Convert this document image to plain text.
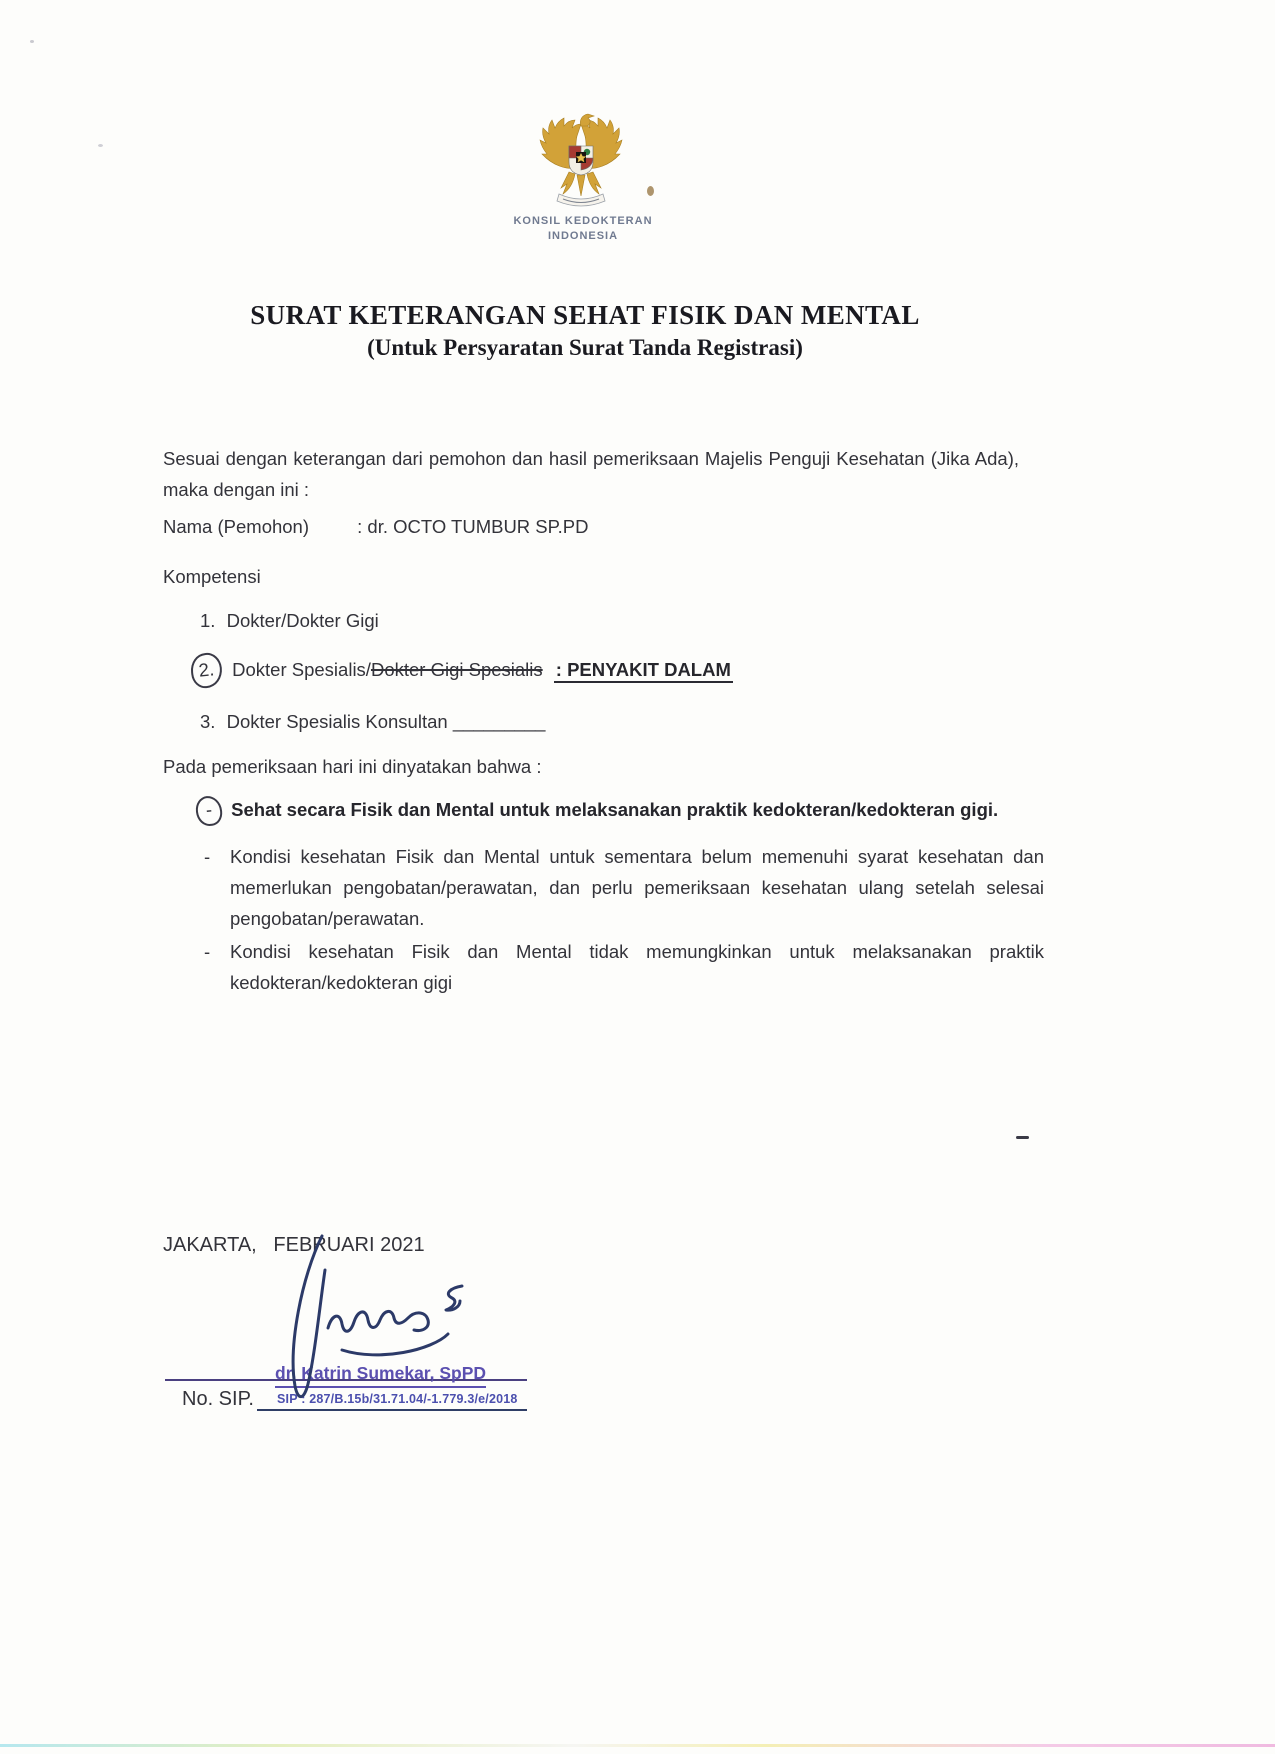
KONSIL KEDOKTERAN
INDONESIA
SURAT KETERANGAN SEHAT FISIK DAN MENTAL
(Untuk Persyaratan Surat Tanda Registrasi)
Sesuai dengan keterangan dari pemohon dan hasil pemeriksaan Majelis Penguji Kesehatan (Jika Ada), maka dengan ini :
Nama (Pemohon)	: dr. OCTO TUMBUR SP.PD
Kompetensi
1. Dokter/Dokter Gigi
2. Dokter Spesialis/Dokter Gigi Spesialis : PENYAKIT DALAM
3. Dokter Spesialis Konsultan _________
Pada pemeriksaan hari ini dinyatakan bahwa :
- Sehat secara Fisik dan Mental untuk melaksanakan praktik kedokteran/kedokteran gigi.
- Kondisi kesehatan Fisik dan Mental untuk sementara belum memenuhi syarat kesehatan dan memerlukan pengobatan/perawatan, dan perlu pemeriksaan kesehatan ulang setelah selesai pengobatan/perawatan.
- Kondisi kesehatan Fisik dan Mental tidak memungkinkan untuk melaksanakan praktik kedokteran/kedokteran gigi
JAKARTA,   FEBRUARI 2021
dr. Katrin Sumekar, SpPD
SIP : 287/B.15b/31.71.04/-1.779.3/e/2018
No. SIP.
